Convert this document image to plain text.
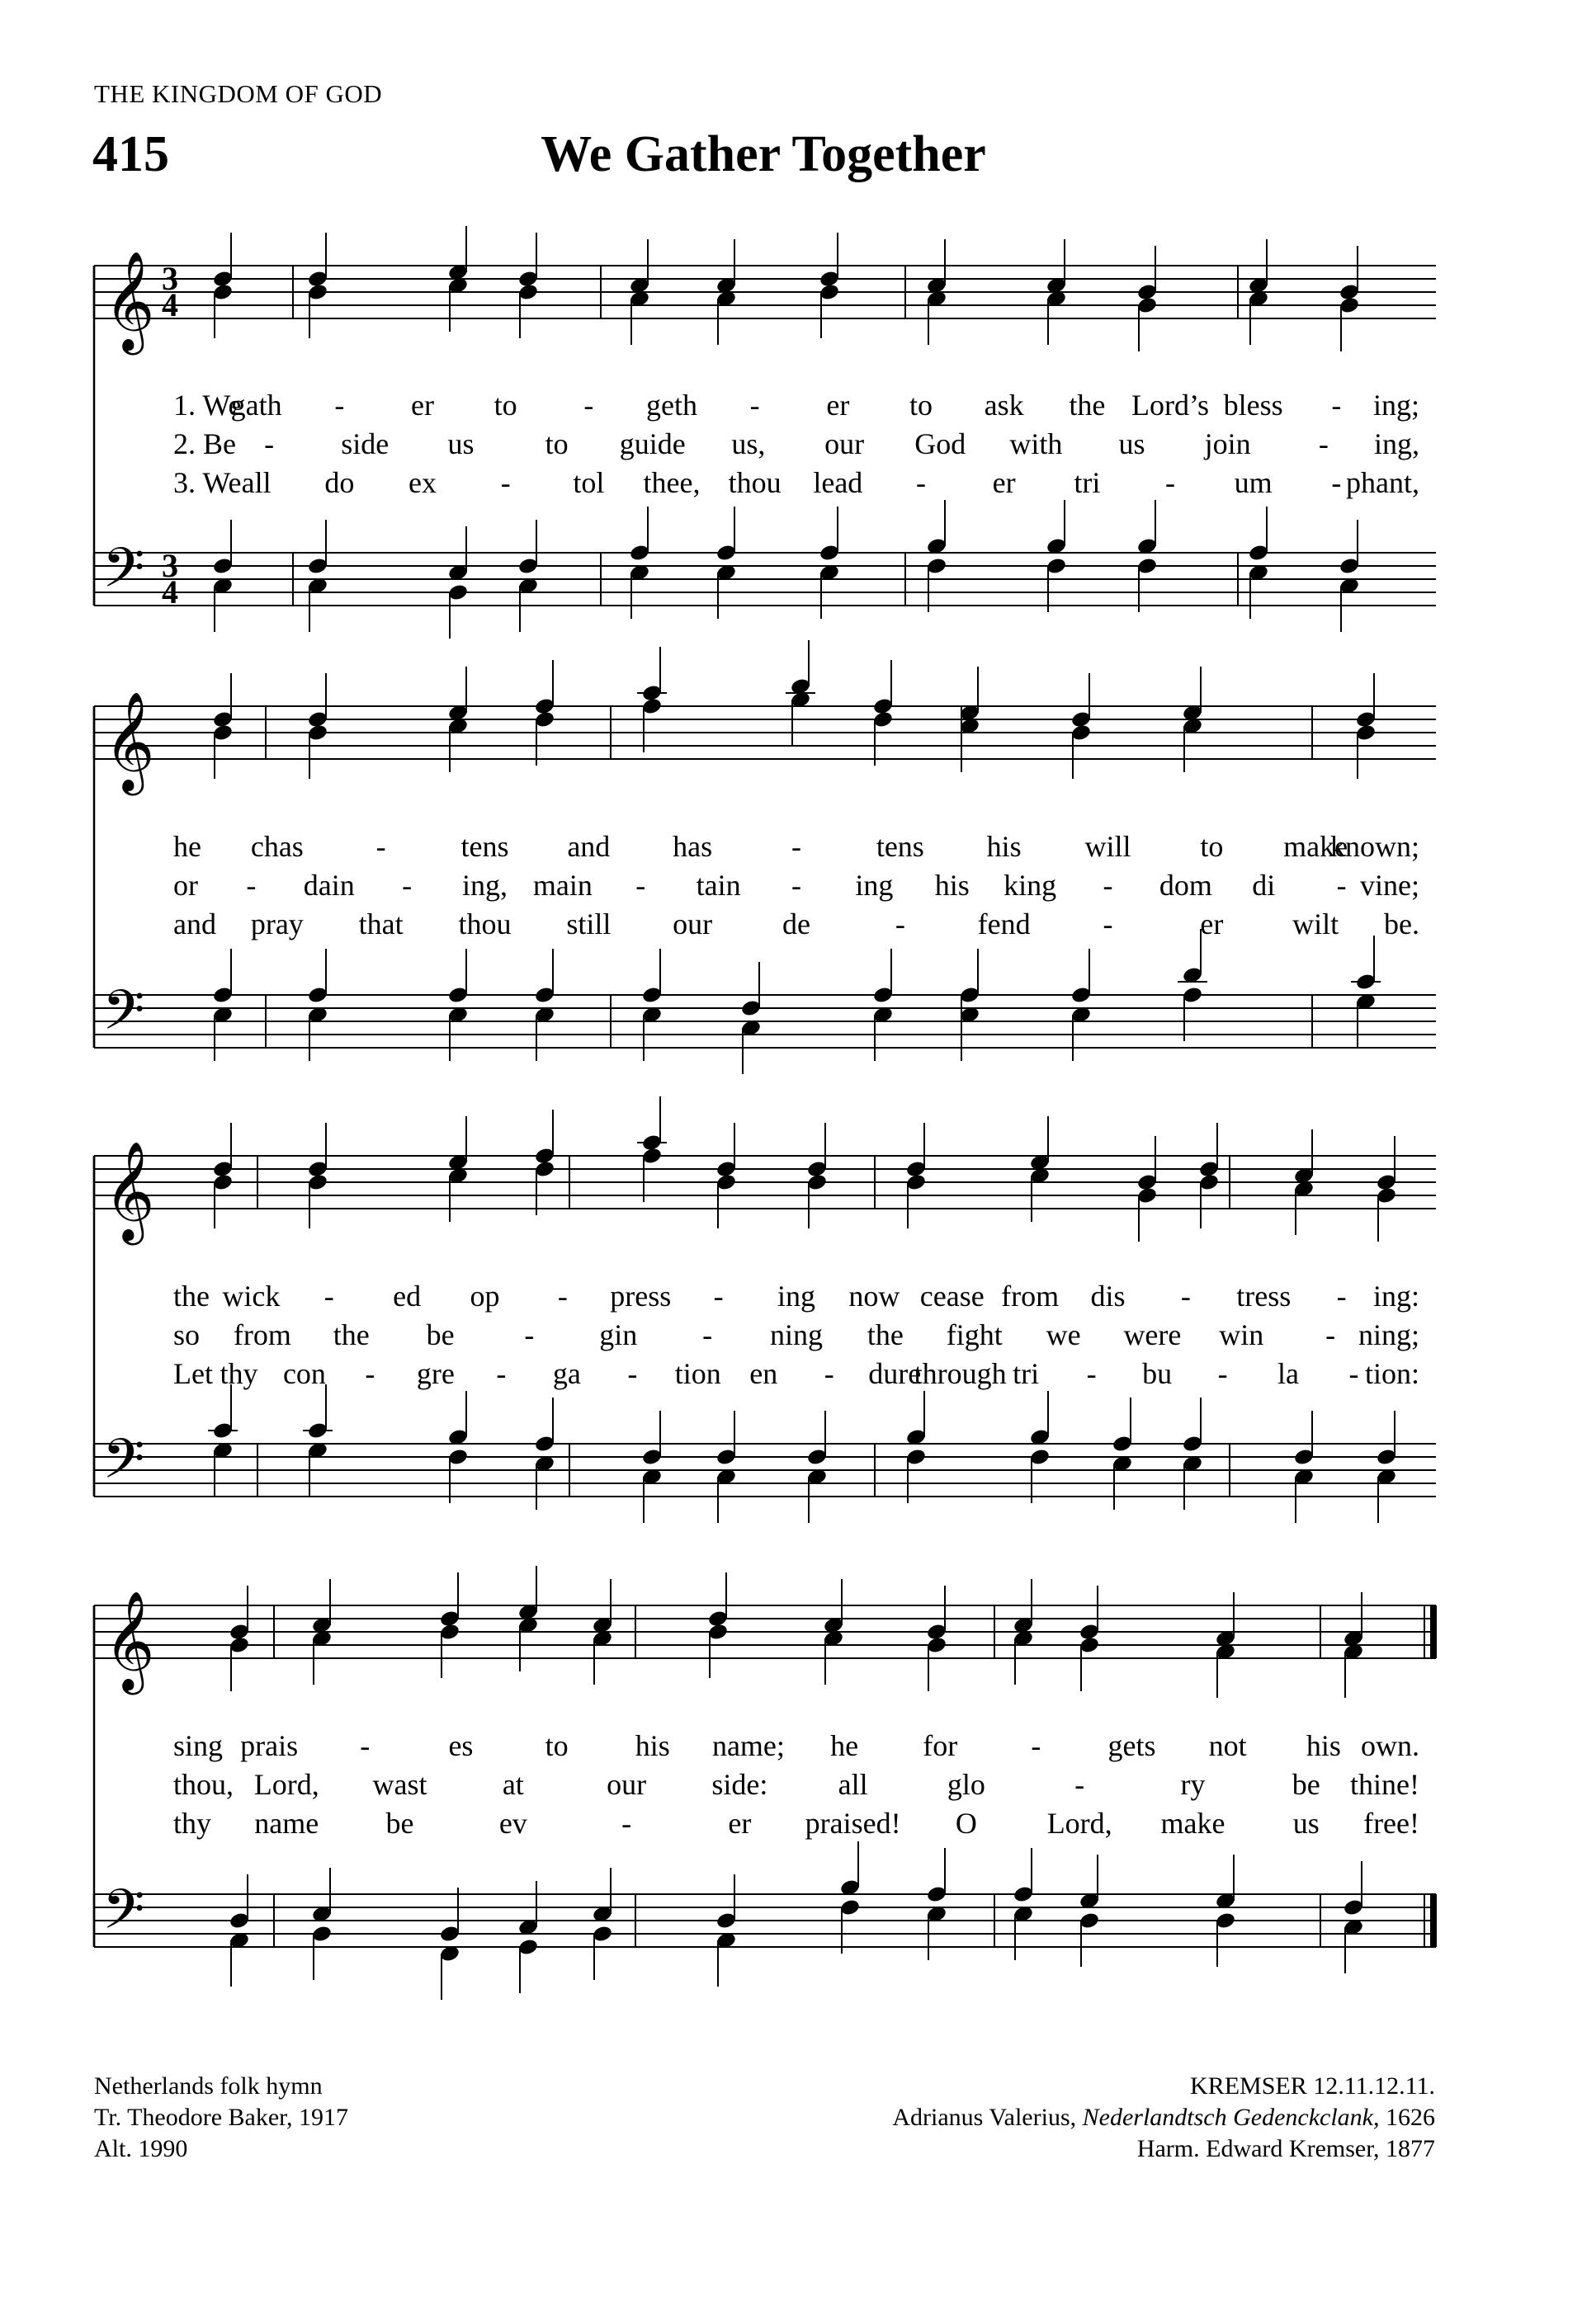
THE KINGDOM OF GOD
415	We Gather Together
𝄞 3
4
𝄞
𝄞
𝄞
𝄢 3
4
𝄢
𝄢
𝄢
1. We
gath - er to - geth - er to ask the Lord’s bless - ing;
2. Be - side us to guide us, our God with us join - ing,
3. We all do ex - tol thee, thou lead - er tri - um - phant,
he chas -	tens and has	-	tens his will to make
known;
or - dain - ing, main - tain - ing his king - dom di - vine;
and pray that thou still our de	- fend -	er wilt be.
the wick - ed op - press - ing now cease from dis - tress - ing:
so from the be - gin - ning the fight we were win - ning;
Let thy con - gre - ga - tion en - dure
through tri - bu - la - tion:
sing prais -	es to his name; he for - gets not his own.
thou, Lord, wast	at	our side: all	glo	-	ry	be thine!
thy name be	ev	-	er praised! O Lord, make us free!
Netherlands folk hymn
Tr. Theodore Baker, 1917
Alt. 1990
KREMSER 12.11.12.11.
Adrianus Valerius, Nederlandtsch Gedenckclank, 1626
Harm. Edward Kremser, 1877
